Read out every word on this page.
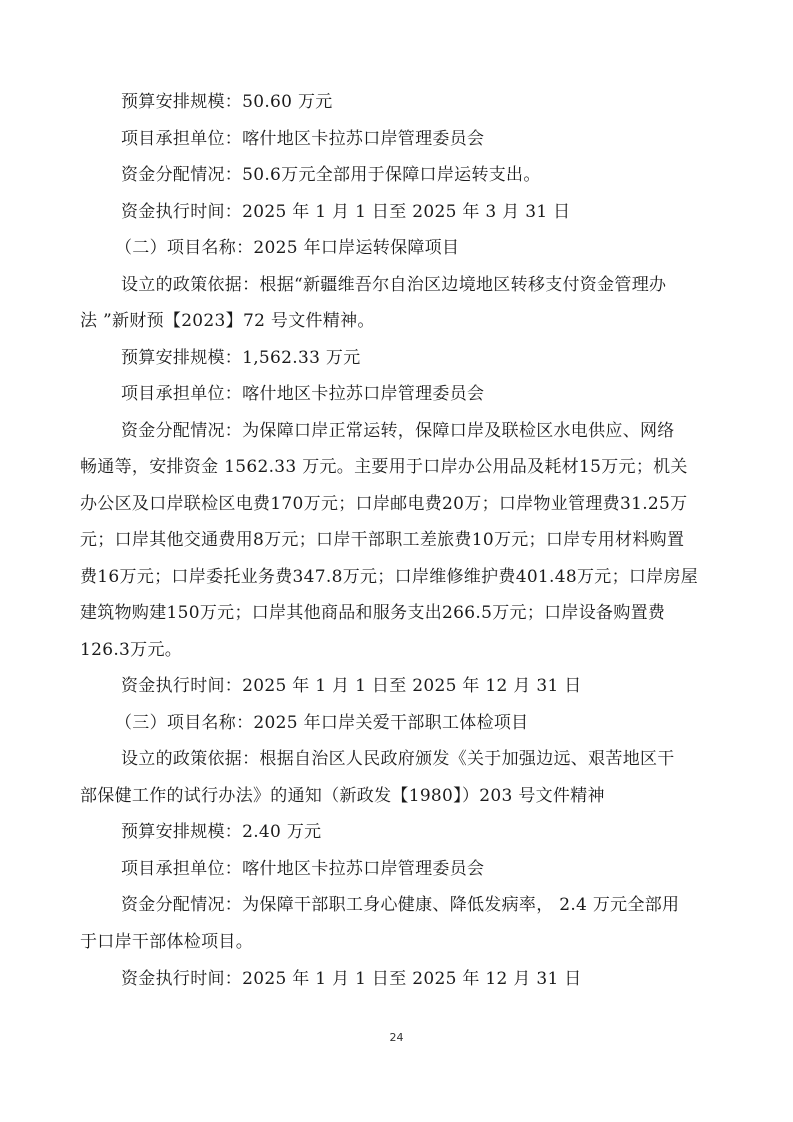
预算安排规模：50.60 万元
项目承担单位：喀什地区卡拉苏口岸管理委员会
资金分配情况：50.6万元全部用于保障口岸运转支出。
资金执行时间：2025 年 1 月 1 日至 2025 年 3 月 31 日
（二）项目名称：2025 年口岸运转保障项目
设立的政策依据：根据“新疆维吾尔自治区边境地区转移支付资金管理办
法 ”新财预【2023】72 号文件精神。
预算安排规模：1,562.33 万元
项目承担单位：喀什地区卡拉苏口岸管理委员会
资金分配情况：为保障口岸正常运转，保障口岸及联检区水电供应、网络
畅通等，安排资金 1562.33 万元。主要用于口岸办公用品及耗材15万元；机关
办公区及口岸联检区电费170万元；口岸邮电费20万；口岸物业管理费31.25万
元；口岸其他交通费用8万元；口岸干部职工差旅费10万元；口岸专用材料购置
费16万元；口岸委托业务费347.8万元；口岸维修维护费401.48万元；口岸房屋
建筑物购建150万元；口岸其他商品和服务支出266.5万元；口岸设备购置费
126.3万元。
资金执行时间：2025 年 1 月 1 日至 2025 年 12 月 31 日
（三）项目名称：2025 年口岸关爱干部职工体检项目
设立的政策依据：根据自治区人民政府颁发《关于加强边远、艰苦地区干
部保健工作的试行办法》的通知（新政发【1980】）203 号文件精神
预算安排规模：2.40 万元
项目承担单位：喀什地区卡拉苏口岸管理委员会
资金分配情况：为保障干部职工身心健康、降低发病率， 2.4 万元全部用
于口岸干部体检项目。
资金执行时间：2025 年 1 月 1 日至 2025 年 12 月 31 日
24
